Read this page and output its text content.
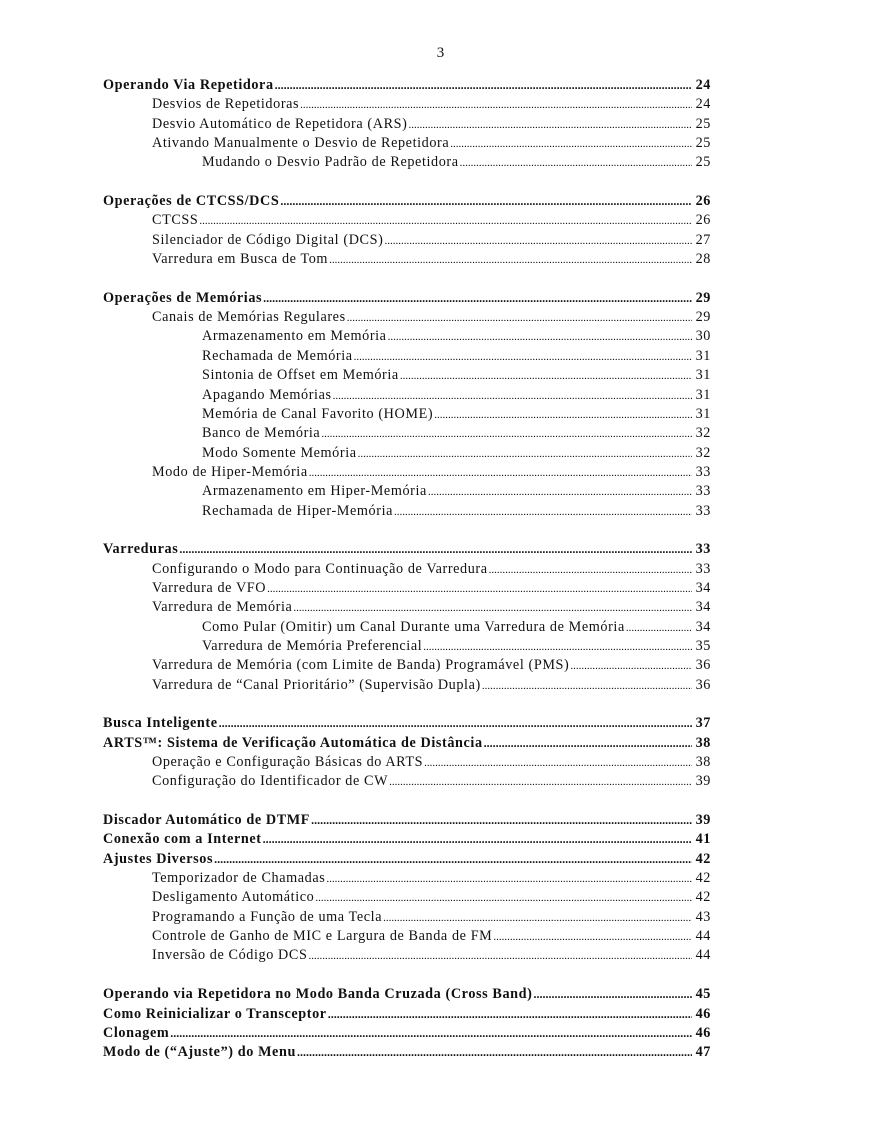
3
Operando Via Repetidora .....	24
Desvios de Repetidoras .....	24
Desvio Automático de Repetidora (ARS) .....	25
Ativando Manualmente o Desvio de Repetidora .....	25
Mudando o Desvio Padrão de Repetidora .....	25
Operações de CTCSS/DCS .....	26
CTCSS .....	26
Silenciador de Código Digital (DCS) .....	27
Varredura em Busca de Tom .....	28
Operações de Memórias .....	29
Canais de Memórias Regulares .....	29
Armazenamento em Memória .....	30
Rechamada de Memória .....	31
Sintonia de Offset em Memória .....	31
Apagando Memórias .....	31
Memória de Canal Favorito (HOME) .....	31
Banco de Memória .....	32
Modo Somente Memória .....	32
Modo de Hiper-Memória .....	33
Armazenamento em Hiper-Memória .....	33
Rechamada de Hiper-Memória .....	33
Varreduras .....	33
Configurando o Modo para Continuação de Varredura .....	33
Varredura de VFO .....	34
Varredura de Memória .....	34
Como Pular (Omitir) um Canal Durante uma Varredura de Memória .....	34
Varredura de Memória Preferencial .....	35
Varredura de Memória (com Limite de Banda) Programável (PMS) .....	36
Varredura de “Canal Prioritário” (Supervisão Dupla) .....	36
Busca Inteligente .....	37
ARTS™: Sistema de Verificação Automática de Distância .....	38
Operação e Configuração Básicas do ARTS .....	38
Configuração do Identificador de CW .....	39
Discador Automático de DTMF .....	39
Conexão com a Internet .....	41
Ajustes Diversos .....	42
Temporizador de Chamadas .....	42
Desligamento Automático .....	42
Programando a Função de uma Tecla .....	43
Controle de Ganho de MIC e Largura de Banda de FM .....	44
Inversão de Código DCS .....	44
Operando via Repetidora no Modo Banda Cruzada (Cross Band) .....	45
Como Reinicializar o Transceptor .....	46
Clonagem .....	46
Modo de (“Ajuste”) do Menu .....	47
